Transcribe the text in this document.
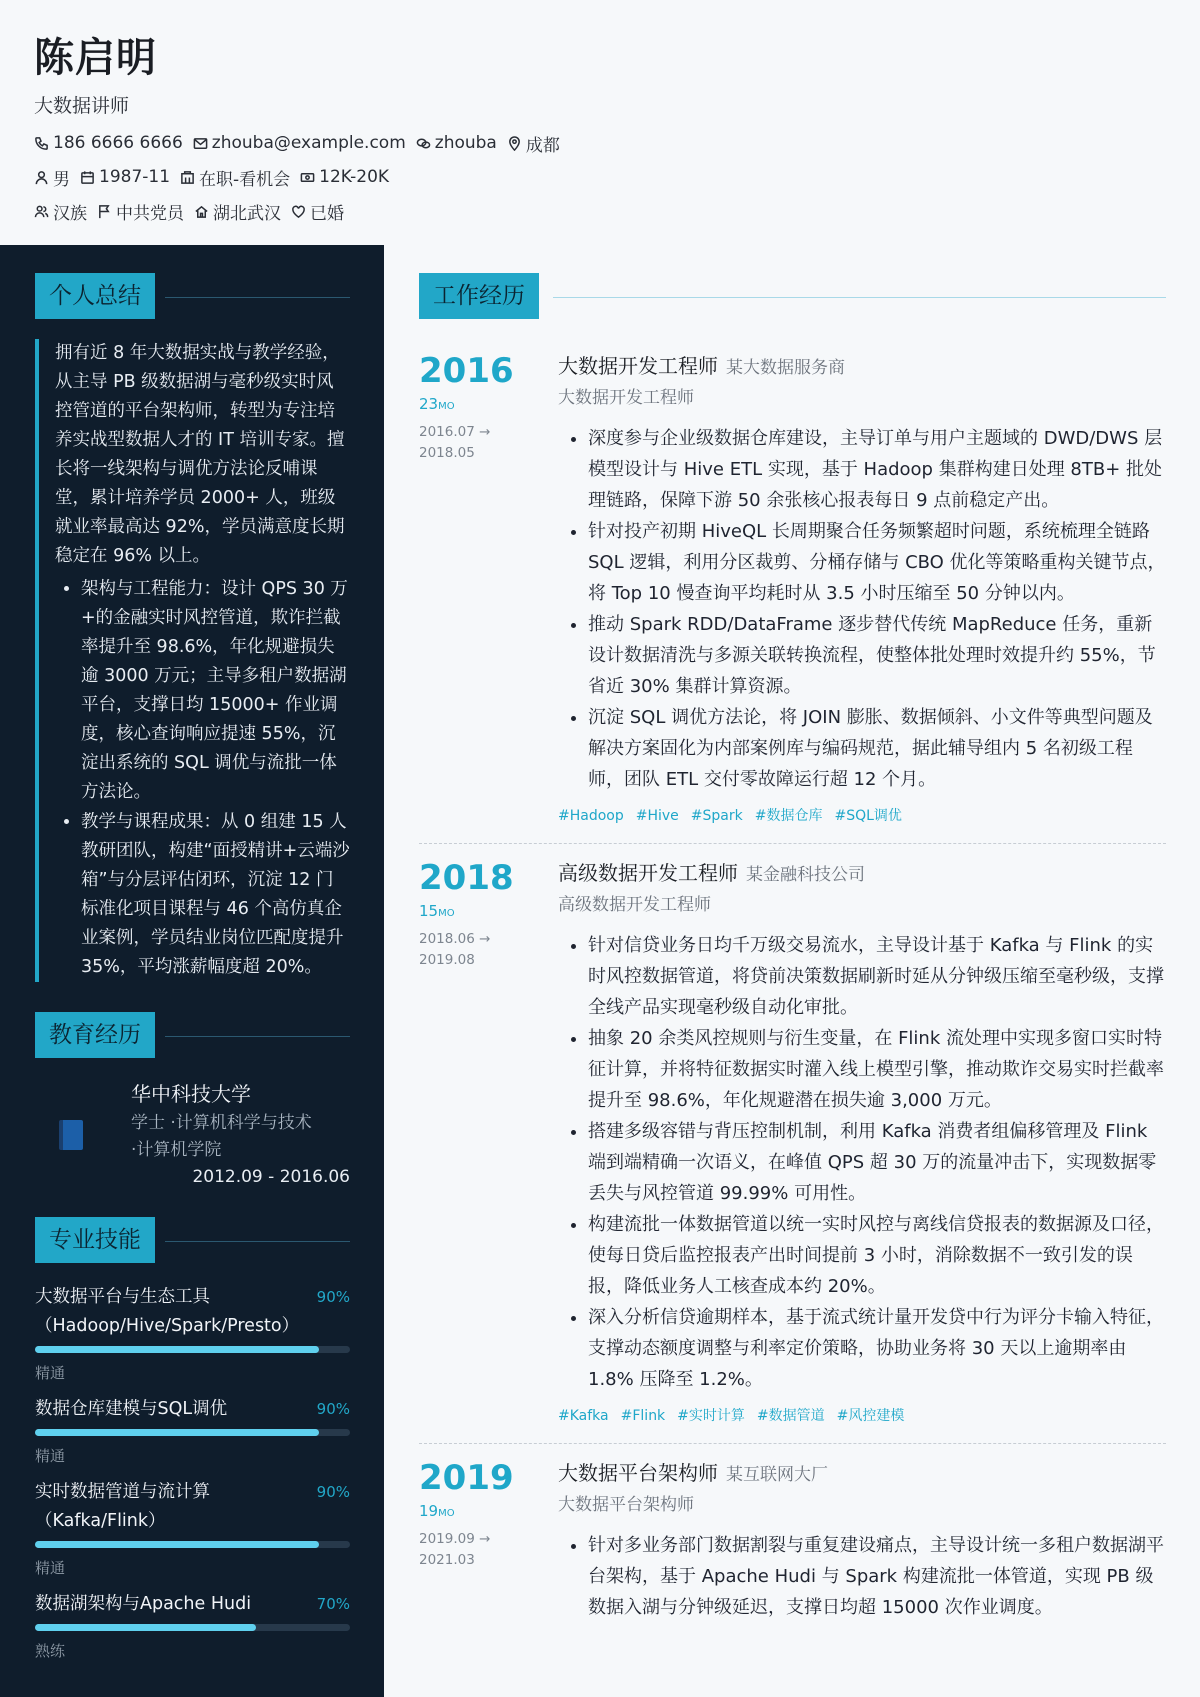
陈启明
大数据讲师
186 6666 6666 zhouba@example.com zhouba 成都
男 1987-11 在职-看机会 12K-20K
汉族 中共党员 湖北武汉 已婚
个人总结

拥有近 8 年大数据实战与教学经验，从主导 PB 级数据湖与毫秒级实时风控管道的平台架构师，转型为专注培养实战型数据人才的 IT 培训专家。擅长将一线架构与调优方法论反哺课堂，累计培养学员 2000+ 人，班级就业率最高达 92%，学员满意度长期稳定在 96% 以上。

• 架构与工程能力：设计 QPS 30 万+的金融实时风控管道，欺诈拦截率提升至 98.6%，年化规避损失逾 3000 万元；主导多租户数据湖平台，支撑日均 15000+ 作业调度，核心查询响应提速 55%，沉淀出系统的 SQL 调优与流批一体方法论。
• 教学与课程成果：从 0 组建 15 人教研团队，构建“面授精讲+云端沙箱”与分层评估闭环，沉淀 12 门标准化项目课程与 46 个高仿真企业案例，学员结业岗位匹配度提升 35%，平均涨薪幅度超 20%。
教育经历
华中科技大学
学士 ·计算机科学与技术
·计算机学院
2012.09 - 2016.06
专业技能
大数据平台与生态工具（Hadoop/Hive/Spark/Presto）
90%
精通
数据仓库建模与SQL调优	90%
精通
实时数据管道与流计算（Kafka/Flink）
90%
精通
数据湖架构与Apache Hudi	70%
熟练
工作经历
2016
23MO
2016.07 →
2018.05
大数据开发工程师 某大数据服务商
大数据开发工程师
• 深度参与企业级数据仓库建设，主导订单与用户主题域的 DWD/DWS 层模型设计与 Hive ETL 实现，基于 Hadoop 集群构建日处理 8TB+ 批处理链路，保障下游 50 余张核心报表每日 9 点前稳定产出。
• 针对投产初期 HiveQL 长周期聚合任务频繁超时问题，系统梳理全链路 SQL 逻辑，利用分区裁剪、分桶存储与 CBO 优化等策略重构关键节点，将 Top 10 慢查询平均耗时从 3.5 小时压缩至 50 分钟以内。
• 推动 Spark RDD/DataFrame 逐步替代传统 MapReduce 任务，重新设计数据清洗与多源关联转换流程，使整体批处理时效提升约 55%，节省近 30% 集群计算资源。
• 沉淀 SQL 调优方法论，将 JOIN 膨胀、数据倾斜、小文件等典型问题及解决方案固化为内部案例库与编码规范，据此辅导组内 5 名初级工程师，团队 ETL 交付零故障运行超 12 个月。
#Hadoop #Hive #Spark #数据仓库 #SQL调优
2018
15MO
2018.06 →
2019.08
高级数据开发工程师 某金融科技公司
高级数据开发工程师
• 针对信贷业务日均千万级交易流水，主导设计基于 Kafka 与 Flink 的实时风控数据管道，将贷前决策数据刷新时延从分钟级压缩至毫秒级，支撑全线产品实现毫秒级自动化审批。
• 抽象 20 余类风控规则与衍生变量，在 Flink 流处理中实现多窗口实时特征计算，并将特征数据实时灌入线上模型引擎，推动欺诈交易实时拦截率提升至 98.6%，年化规避潜在损失逾 3,000 万元。
• 搭建多级容错与背压控制机制，利用 Kafka 消费者组偏移管理及 Flink 端到端精确一次语义，在峰值 QPS 超 30 万的流量冲击下，实现数据零丢失与风控管道 99.99% 可用性。
• 构建流批一体数据管道以统一实时风控与离线信贷报表的数据源及口径，使每日贷后监控报表产出时间提前 3 小时，消除数据不一致引发的误报，降低业务人工核查成本约 20%。
• 深入分析信贷逾期样本，基于流式统计量开发贷中行为评分卡输入特征，支撑动态额度调整与利率定价策略，协助业务将 30 天以上逾期率由 1.8% 压降至 1.2%。
#Kafka #Flink #实时计算 #数据管道 #风控建模
2019
19MO
2019.09 →
2021.03
大数据平台架构师 某互联网大厂
大数据平台架构师
• 针对多业务部门数据割裂与重复建设痛点，主导设计统一多租户数据湖平台架构，基于 Apache Hudi 与 Spark 构建流批一体管道，实现 PB 级数据入湖与分钟级延迟，支撑日均超 15000 次作业调度。
